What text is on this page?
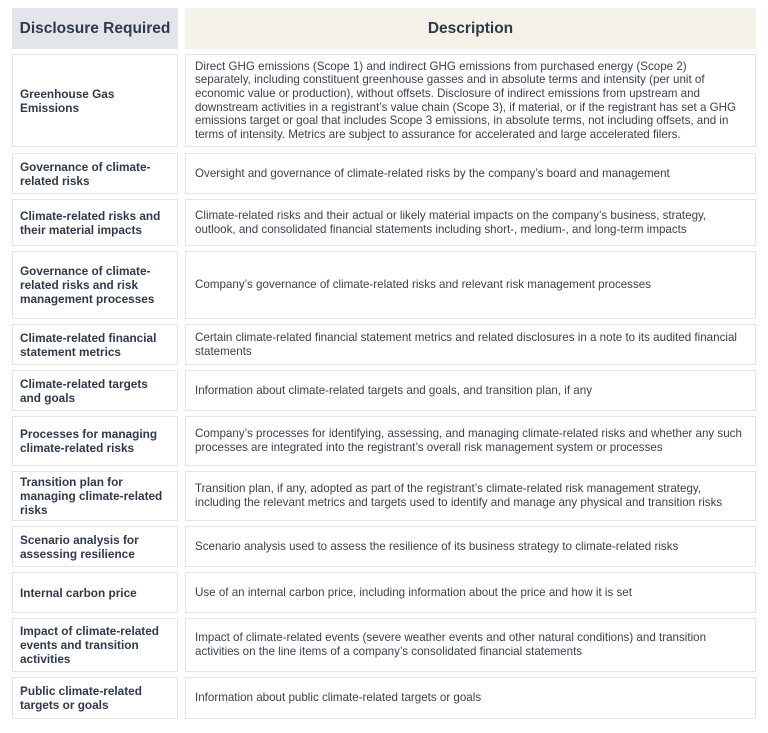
Disclosure Required	Description
Greenhouse Gas Emissions
Direct GHG emissions (Scope 1) and indirect GHG emissions from purchased energy (Scope 2) separately, including constituent greenhouse gasses and in absolute terms and intensity (per unit of economic value or production), without offsets. Disclosure of indirect emissions from upstream and downstream activities in a registrant’s value chain (Scope 3), if material, or if the registrant has set a GHG emissions target or goal that includes Scope 3 emissions, in absolute terms, not including offsets, and in terms of intensity. Metrics are subject to assurance for accelerated and large accelerated filers.
Governance of climate-related risks
Oversight and governance of climate-related risks by the company’s board and management
Climate-related risks and their material impacts
Climate-related risks and their actual or likely material impacts on the company’s business, strategy, outlook, and consolidated financial statements including short-, medium-, and long-term impacts
Governance of climate-related risks and risk management processes
Company’s governance of climate-related risks and relevant risk management processes
Climate-related financial statement metrics
Certain climate-related financial statement metrics and related disclosures in a note to its audited financial statements
Climate-related targets and goals
Information about climate-related targets and goals, and transition plan, if any
Processes for managing climate-related risks
Company’s processes for identifying, assessing, and managing climate-related risks and whether any such processes are integrated into the registrant’s overall risk management system or processes
Transition plan for managing climate-related risks
Transition plan, if any, adopted as part of the registrant’s climate-related risk management strategy, including the relevant metrics and targets used to identify and manage any physical and transition risks
Scenario analysis for assessing resilience
Scenario analysis used to assess the resilience of its business strategy to climate-related risks
Internal carbon price	Use of an internal carbon price, including information about the price and how it is set
Impact of climate-related events and transition activities
Impact of climate-related events (severe weather events and other natural conditions) and transition activities on the line items of a company’s consolidated financial statements
Public climate-related targets or goals
Information about public climate-related targets or goals
